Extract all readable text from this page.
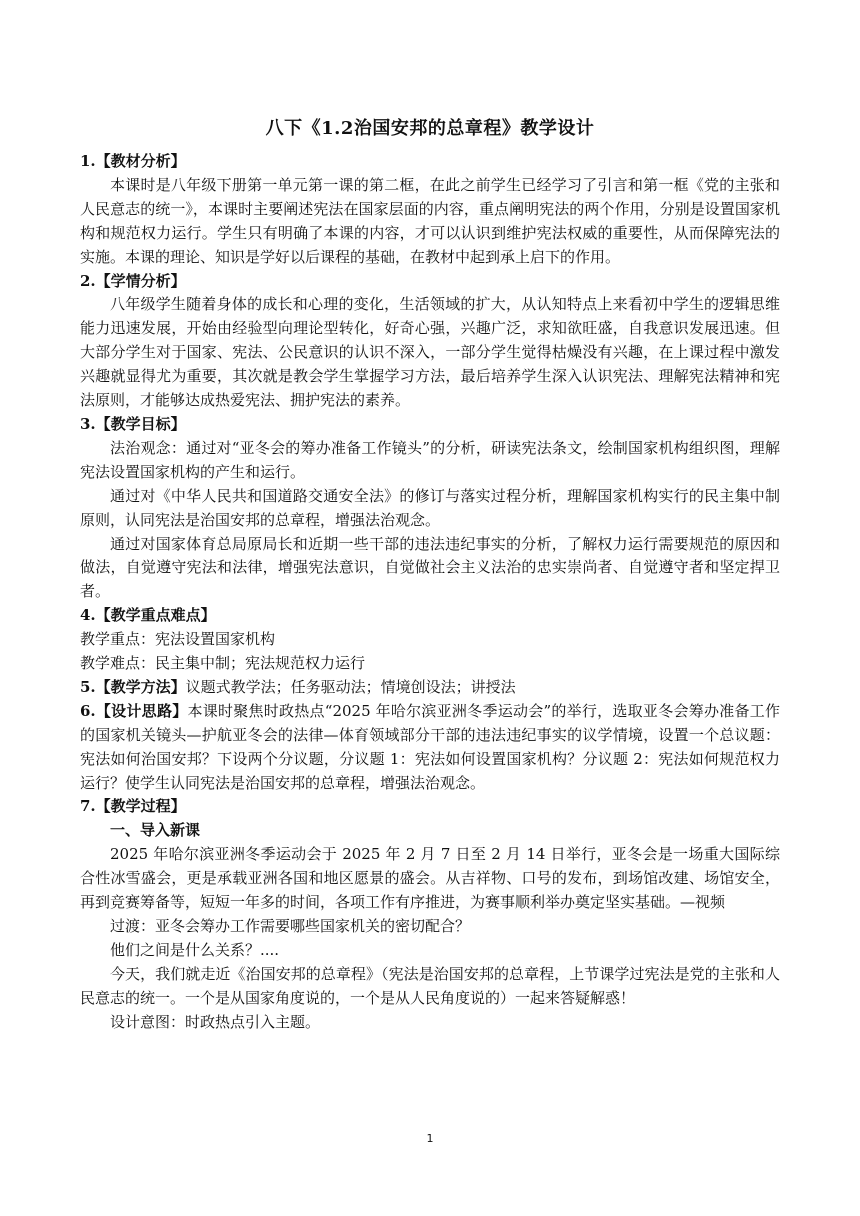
八下《1.2治国安邦的总章程》教学设计

1.【教材分析】

本课时是八年级下册第一单元第一课的第二框，在此之前学生已经学习了引言和第一框《党的主张和人民意志的统一》，本课时主要阐述宪法在国家层面的内容，重点阐明宪法的两个作用，分别是设置国家机构和规范权力运行。学生只有明确了本课的内容，才可以认识到维护宪法权威的重要性，从而保障宪法的实施。本课的理论、知识是学好以后课程的基础，在教材中起到承上启下的作用。

2.【学情分析】

八年级学生随着身体的成长和心理的变化，生活领域的扩大，从认知特点上来看初中学生的逻辑思维能力迅速发展，开始由经验型向理论型转化，好奇心强，兴趣广泛，求知欲旺盛，自我意识发展迅速。但大部分学生对于国家、宪法、公民意识的认识不深入，一部分学生觉得枯燥没有兴趣，在上课过程中激发兴趣就显得尤为重要，其次就是教会学生掌握学习方法，最后培养学生深入认识宪法、理解宪法精神和宪法原则，才能够达成热爱宪法、拥护宪法的素养。

3.【教学目标】

法治观念：通过对“亚冬会的筹办准备工作镜头”的分析，研读宪法条文，绘制国家机构组织图，理解宪法设置国家机构的产生和运行。

通过对《中华人民共和国道路交通安全法》的修订与落实过程分析，理解国家机构实行的民主集中制原则，认同宪法是治国安邦的总章程，增强法治观念。

通过对国家体育总局原局长和近期一些干部的违法违纪事实的分析，了解权力运行需要规范的原因和做法，自觉遵守宪法和法律，增强宪法意识，自觉做社会主义法治的忠实崇尚者、自觉遵守者和坚定捍卫者。

4.【教学重点难点】

教学重点：宪法设置国家机构

教学难点：民主集中制；宪法规范权力运行

5.【教学方法】议题式教学法；任务驱动法；情境创设法；讲授法

6.【设计思路】本课时聚焦时政热点“2025 年哈尔滨亚洲冬季运动会”的举行，选取亚冬会筹办准备工作的国家机关镜头—护航亚冬会的法律—体育领域部分干部的违法违纪事实的议学情境，设置一个总议题：宪法如何治国安邦？下设两个分议题，分议题 1：宪法如何设置国家机构？分议题 2：宪法如何规范权力运行？使学生认同宪法是治国安邦的总章程，增强法治观念。

7.【教学过程】

一、导入新课

2025 年哈尔滨亚洲冬季运动会于 2025 年 2 月 7 日至 2 月 14 日举行，亚冬会是一场重大国际综合性冰雪盛会，更是承载亚洲各国和地区愿景的盛会。从吉祥物、口号的发布，到场馆改建、场馆安全，再到竞赛筹备等，短短一年多的时间，各项工作有序推进，为赛事顺利举办奠定坚实基础。—视频

过渡：亚冬会筹办工作需要哪些国家机关的密切配合？

他们之间是什么关系？....

今天，我们就走近《治国安邦的总章程》（宪法是治国安邦的总章程，上节课学过宪法是党的主张和人民意志的统一。一个是从国家角度说的，一个是从人民角度说的）一起来答疑解惑！

设计意图：时政热点引入主题。

1
